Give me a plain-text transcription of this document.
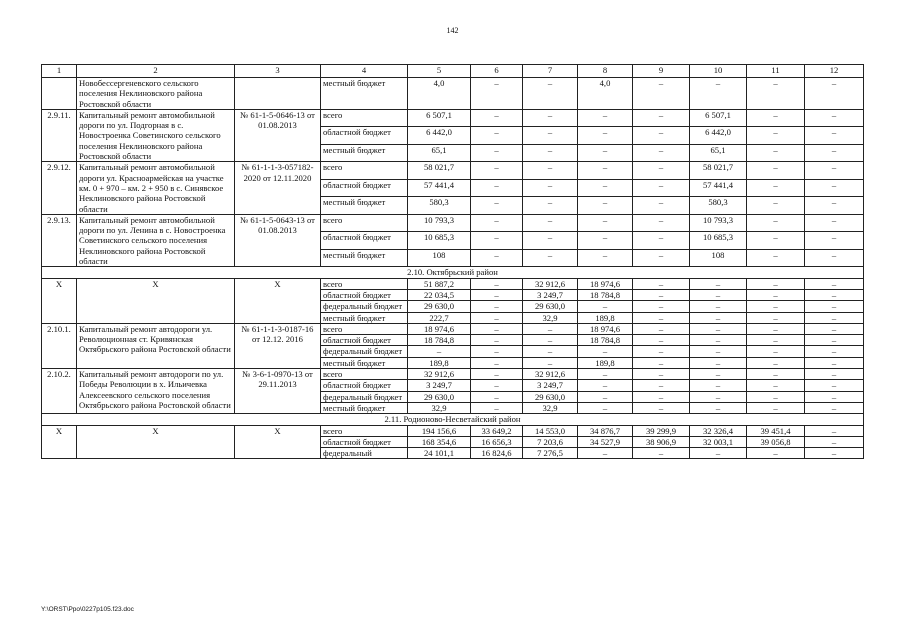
142
1	2	3	4	5	6	7	8	9	10	11	12
	Новобессергеневского сельского поселения Неклиновского района Ростовской области		местный бюджет	4,0	–	–	4,0	–	–	–	–
2.9.11.	Капитальный ремонт автомобильной дороги по ул. Подгорная в с. Новостроенка Советинского сельского поселения Неклиновского района Ростовской области	№ 61-1-5-0646-13 от 01.08.2013	всего	6 507,1	–	–	–	–	6 507,1	–	–
			областной бюджет	6 442,0	–	–	–	–	6 442,0	–	–
			местный бюджет	65,1	–	–	–	–	65,1	–	–
2.9.12.	Капитальный ремонт автомобильной дороги ул. Красноармейская на участке км. 0 + 970 – км. 2 + 950 в с. Синявское Неклиновского района Ростовской области	№ 61-1-1-3-057182-2020 от 12.11.2020	всего	58 021,7	–	–	–	–	58 021,7	–	–
			областной бюджет	57 441,4	–	–	–	–	57 441,4	–	–
			местный бюджет	580,3	–	–	–	–	580,3	–	–
2.9.13.	Капитальный ремонт автомобильной дороги по ул. Ленина в с. Новостроенка Советинского сельского поселения Неклиновского района Ростовской области	№ 61-1-5-0643-13 от 01.08.2013	всего	10 793,3	–	–	–	–	10 793,3	–	–
			областной бюджет	10 685,3	–	–	–	–	10 685,3	–	–
			местный бюджет	108	–	–	–	–	108	–	–
2.10. Октябрьский район											
Х	Х	Х	всего	51 887,2	–	32 912,6	18 974,6	–	–	–	–
			областной бюджет	22 034,5	–	3 249,7	18 784,8	–	–	–	–
			федеральный бюджет	29 630,0	–	29 630,0	–	–	–	–	–
			местный бюджет	222,7	–	32,9	189,8	–	–	–	–
2.10.1.	Капитальный ремонт автодороги ул. Революционная ст. Кривянская Октябрьского района Ростовской области	№ 61-1-1-3-0187-16 от 12.12. 2016	всего	18 974,6	–	–	18 974,6	–	–	–	–
			областной бюджет	18 784,8	–	–	18 784,8	–	–	–	–
			федеральный бюджет	–	–	–	–	–	–	–	–
			местный бюджет	189,8	–	–	189,8	–	–	–	–
2.10.2.	Капитальный ремонт автодороги по ул. Победы Революции в х. Ильичевка Алексеевского сельского поселения Октябрьского района Ростовской области	№ 3-6-1-0970-13 от 29.11.2013	всего	32 912,6	–	32 912,6	–	–	–	–	–
			областной бюджет	3 249,7	–	3 249,7	–	–	–	–	–
			федеральный бюджет	29 630,0	–	29 630,0	–	–	–	–	–
			местный бюджет	32,9	–	32,9	–	–	–	–	–
2.11. Родионово-Несветайский район											
Х	Х	Х	всего	194 156,6	33 649,2	14 553,0	34 876,7	39 299,9	32 326,4	39 451,4	–
			областной бюджет	168 354,6	16 656,3	7 203,6	34 527,9	38 906,9	32 003,1	39 056,8	–
			федеральный	24 101,1	16 824,6	7 276,5	–	–	–	–	–
Y:\ORST\Ppo\0227p105.f23.doc
